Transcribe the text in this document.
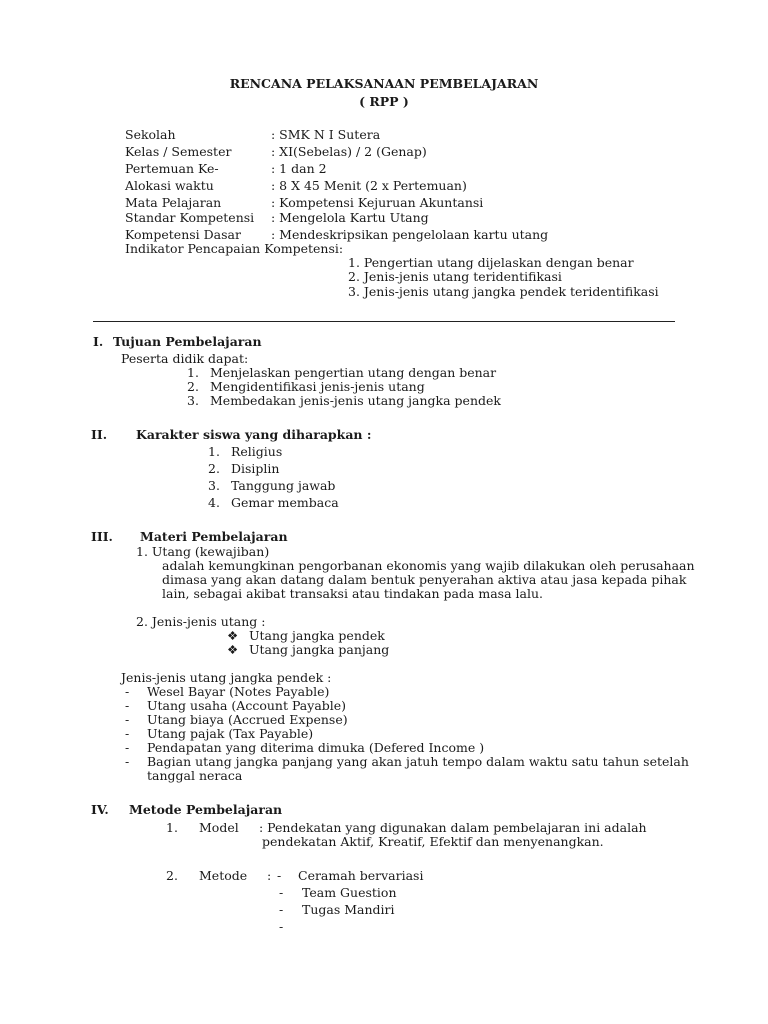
RENCANA PELAKSANAAN PEMBELAJARAN
( RPP )
Sekolah	: SMK N I Sutera
Kelas / Semester	: XI(Sebelas) / 2 (Genap)
Pertemuan Ke-	: 1 dan 2
Alokasi waktu	: 8 X 45 Menit (2 x Pertemuan)
Mata Pelajaran	: Kompetensi Kejuruan Akuntansi
Standar Kompetensi : Mengelola Kartu Utang
Kompetensi Dasar : Mendeskripsikan pengelolaan kartu utang
Indikator Pencapaian Kompetensi:
1. Pengertian utang dijelaskan dengan benar
2. Jenis-jenis utang teridentifikasi
3. Jenis-jenis utang jangka pendek teridentifikasi
I. Tujuan Pembelajaran
Peserta didik dapat:
1. Menjelaskan pengertian utang dengan benar
2. Mengidentifikasi jenis-jenis utang
3. Membedakan jenis-jenis utang jangka pendek
II. Karakter siswa yang diharapkan :
1. Religius
2. Disiplin
3. Tanggung jawab
4. Gemar membaca
III. Materi Pembelajaran
1. Utang (kewajiban)
adalah kemungkinan pengorbanan ekonomis yang wajib dilakukan oleh perusahaan
dimasa yang akan datang dalam bentuk penyerahan aktiva atau jasa kepada pihak
lain, sebagai akibat transaksi atau tindakan pada masa lalu.
2. Jenis-jenis utang :
❖ Utang jangka pendek
❖ Utang jangka panjang
Jenis-jenis utang jangka pendek :
- Wesel Bayar (Notes Payable)
- Utang usaha (Account Payable)
- Utang biaya (Accrued Expense)
- Utang pajak (Tax Payable)
- Pendapatan yang diterima dimuka (Defered Income )
- Bagian utang jangka panjang yang akan jatuh tempo dalam waktu satu tahun setelah
tanggal neraca
IV. Metode Pembelajaran
1. Model : Pendekatan yang digunakan dalam pembelajaran ini adalah
pendekatan Aktif, Kreatif, Efektif dan menyenangkan.
2. Metode : - Ceramah bervariasi
- Team Guestion
- Tugas Mandiri
-
